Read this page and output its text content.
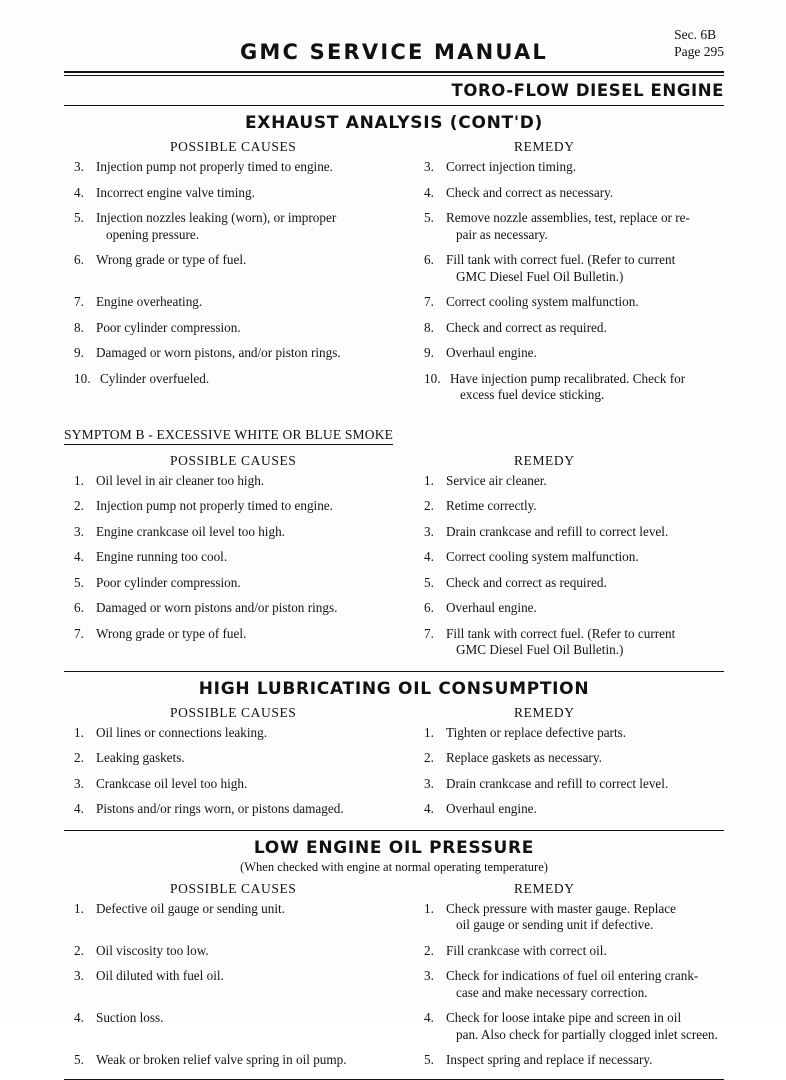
GMC SERVICE MANUAL
Sec. 6B
Page 295
TORO-FLOW DIESEL ENGINE
EXHAUST ANALYSIS (CONT'D)
POSSIBLE CAUSES	REMEDY
3. Injection pump not properly timed to engine.	3. Correct injection timing.
4. Incorrect engine valve timing.	4. Check and correct as necessary.
5. Injection nozzles leaking (worn), or improper
opening pressure.
5. Remove nozzle assemblies, test, replace or re-
pair as necessary.
6. Wrong grade or type of fuel.	6. Fill tank with correct fuel. (Refer to current
GMC Diesel Fuel Oil Bulletin.)
7. Engine overheating.	7. Correct cooling system malfunction.
8. Poor cylinder compression.	8. Check and correct as required.
9. Damaged or worn pistons, and/or piston rings.	9. Overhaul engine.
10. Cylinder overfueled.	10. Have injection pump recalibrated. Check for
excess fuel device sticking.
SYMPTOM B - EXCESSIVE WHITE OR BLUE SMOKE
POSSIBLE CAUSES	REMEDY
1. Oil level in air cleaner too high.	1. Service air cleaner.
2. Injection pump not properly timed to engine.	2. Retime correctly.
3. Engine crankcase oil level too high.	3. Drain crankcase and refill to correct level.
4. Engine running too cool.	4. Correct cooling system malfunction.
5. Poor cylinder compression.	5. Check and correct as required.
6. Damaged or worn pistons and/or piston rings.	6. Overhaul engine.
7. Wrong grade or type of fuel.	7. Fill tank with correct fuel. (Refer to current
GMC Diesel Fuel Oil Bulletin.)
HIGH LUBRICATING OIL CONSUMPTION
POSSIBLE CAUSES	REMEDY
1. Oil lines or connections leaking.	1. Tighten or replace defective parts.
2. Leaking gaskets.	2. Replace gaskets as necessary.
3. Crankcase oil level too high.	3. Drain crankcase and refill to correct level.
4. Pistons and/or rings worn, or pistons damaged.	4. Overhaul engine.
LOW ENGINE OIL PRESSURE
(When checked with engine at normal operating temperature)
POSSIBLE CAUSES	REMEDY
1. Defective oil gauge or sending unit.	1. Check pressure with master gauge. Replace
oil gauge or sending unit if defective.
2. Oil viscosity too low.	2. Fill crankcase with correct oil.
3. Oil diluted with fuel oil.	3. Check for indications of fuel oil entering crank-
case and make necessary correction.
4. Suction loss.	4. Check for loose intake pipe and screen in oil
pan. Also check for partially clogged inlet screen.
5. Weak or broken relief valve spring in oil pump.	5. Inspect spring and replace if necessary.
